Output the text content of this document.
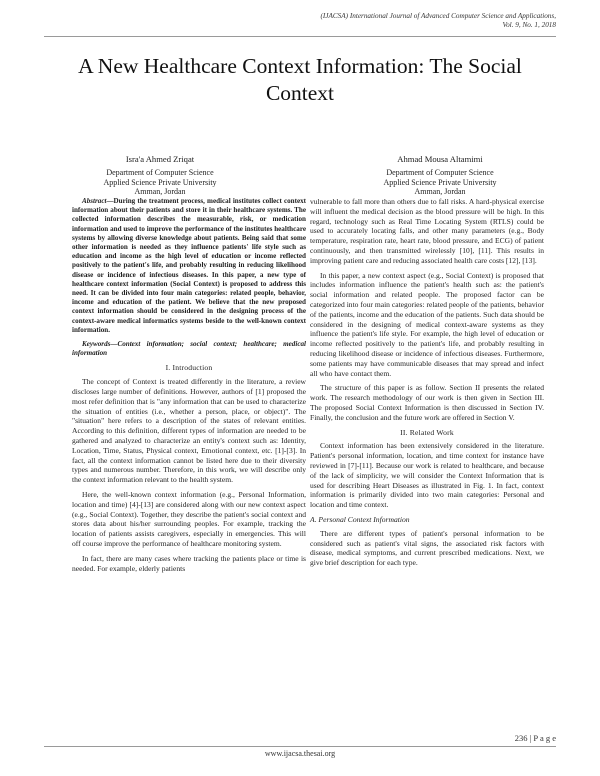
(IJACSA) International Journal of Advanced Computer Science and Applications,
Vol. 9, No. 1, 2018
A New Healthcare Context Information: The Social Context
Isra'a Ahmed Zriqat
Department of Computer Science
Applied Science Private University
Amman, Jordan
Ahmad Mousa Altamimi
Department of Computer Science
Applied Science Private University
Amman, Jordan

Abstract—During the treatment process, medical institutes collect context information about their patients and store it in their healthcare systems. The collected information describes the measurable, risk, or medication information and used to improve the performance of the institutes healthcare systems by allowing diverse knowledge about patients. Being said that some other information is needed as they influence patients' life style such as education and income as the high level of education or income reflected positively to the patient's life, and probably resulting in reducing likelihood disease or incidence of infectious diseases. In this paper, a new type of healthcare context information (Social Context) is proposed to address this need. It can be divided into four main categories: related people, behavior, income and education of the patient. We believe that the new proposed context information should be considered in the designing process of the context-aware medical informatics systems beside to the well-known context information.

Keywords—Context information; social context; healthcare; medical information

I. Introduction

The concept of Context is treated differently in the literature, a review discloses large number of definitions. However, authors of [1] proposed the most refer definition that is "any information that can be used to characterize the situation of entities (i.e., whether a person, place, or object)". The "situation" here refers to a description of the states of relevant entities. According to this definition, different types of information are needed to be gathered and analyzed to characterize an entity's context such as: Identity, Location, Time, Status, Physical context, Emotional context, etc. [1]-[3]. In fact, all the context information cannot be listed here due to their diversity types and numerous number. Therefore, in this work, we will describe only the context information relevant to the health system.

Here, the well-known context information (e.g., Personal Information, location and time) [4]-[13] are considered along with our new context aspect (e.g., Social Context). Together, they describe the patient's social context and stores data about his/her surrounding peoples. For example, tracking the location of patients assists caregivers, especially in emergencies. This will off course improve the performance of healthcare monitoring system.

In fact, there are many cases where tracking the patients place or time is needed. For example, elderly patients

vulnerable to fall more than others due to fall risks. A hard-physical exercise will influent the medical decision as the blood pressure will be high. In this regard, technology such as Real Time Locating System (RTLS) could be used to accurately locating falls, and other many parameters (e.g., Body temperature, respiration rate, heart rate, blood pressure, and ECG) of patient continuously, and then transmitted wirelessly [10], [11]. This results in improving patient care and reducing associated health care costs [12], [13].

In this paper, a new context aspect (e.g., Social Context) is proposed that includes information influence the patient's health such as: the patient's social information and related people. The proposed factor can be categorized into four main categories: related people of the patients, behavior of the patients, income and the education of the patients. Such data should be considered in the designing of medical context-aware systems as they influence the patient's life style. For example, the high level of education or income reflected positively to the patient's life, and probably resulting in reducing likelihood disease or incidence of infectious diseases. Furthermore, some patients may have communicable diseases that may spread and infect all who have contact them.

The structure of this paper is as follow. Section II presents the related work. The research methodology of our work is then given in Section III. The proposed Social Context Information is then discussed in Section IV. Finally, the conclusion and the future work are offered in Section V.

II. Related Work

Context information has been extensively considered in the literature. Patient's personal information, location, and time context for instance have reviewed in [7]-[11]. Because our work is related to healthcare, and because of the lack of simplicity, we will consider the Context Information that is used for describing Heart Diseases as illustrated in Fig. 1. In fact, context information is primarily divided into two main categories: Personal and location and time context.

A. Personal Context Information

There are different types of patient's personal information to be considered such as patient's vital signs, the associated risk factors with disease, medical symptoms, and current prescribed medications. Next, we give brief description for each type.

236 | P a g e
www.ijacsa.thesai.org
